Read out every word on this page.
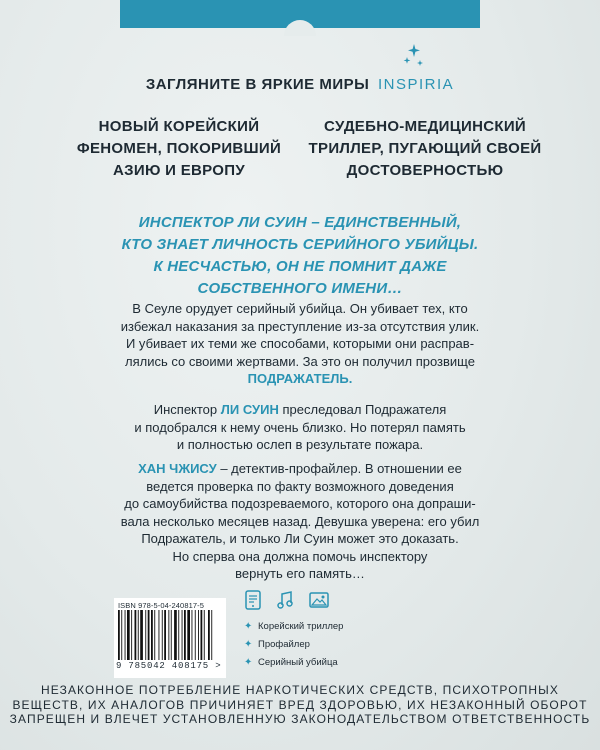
ЗАГЛЯНИТЕ В ЯРКИЕ МИРЫ INSPIRIA
НОВЫЙ КОРЕЙСКИЙ
ФЕНОМЕН, ПОКОРИВШИЙ
АЗИЮ И ЕВРОПУ
СУДЕБНО-МЕДИЦИНСКИЙ
ТРИЛЛЕР, ПУГАЮЩИЙ СВОЕЙ
ДОСТОВЕРНОСТЬЮ
ИНСПЕКТОР ЛИ СУИН – ЕДИНСТВЕННЫЙ,
КТО ЗНАЕТ ЛИЧНОСТЬ СЕРИЙНОГО УБИЙЦЫ.
К НЕСЧАСТЬЮ, ОН НЕ ПОМНИТ ДАЖЕ
СОБСТВЕННОГО ИМЕНИ…
В Сеуле орудует серийный убийца. Он убивает тех, кто
избежал наказания за преступление из-за отсутствия улик.
И убивает их теми же способами, которыми они расправ-
лялись со своими жертвами. За это он получил прозвище
ПОДРАЖАТЕЛЬ.
Инспектор ЛИ СУИН преследовал Подражателя
и подобрался к нему очень близко. Но потерял память
и полностью ослеп в результате пожара.
ХАН ЧЖИСУ – детектив-профайлер. В отношении ее
ведется проверка по факту возможного доведения
до самоубийства подозреваемого, которого она допраши-
вала несколько месяцев назад. Девушка уверена: его убил
Подражатель, и только Ли Суин может это доказать.
Но сперва она должна помочь инспектору
вернуть его память…
ISBN 978-5-04-240817-5
9 785042 408175 >

✦ Корейский триллер
✦ Профайлер
✦ Серийный убийца
НЕЗАКОННОЕ ПОТРЕБЛЕНИЕ НАРКОТИЧЕСКИХ СРЕДСТВ, ПСИХОТРОПНЫХ
ВЕЩЕСТВ, ИХ АНАЛОГОВ ПРИЧИНЯЕТ ВРЕД ЗДОРОВЬЮ, ИХ НЕЗАКОННЫЙ ОБОРОТ
ЗАПРЕЩЕН И ВЛЕЧЕТ УСТАНОВЛЕННУЮ ЗАКОНОДАТЕЛЬСТВОМ ОТВЕТСТВЕННОСТЬ
